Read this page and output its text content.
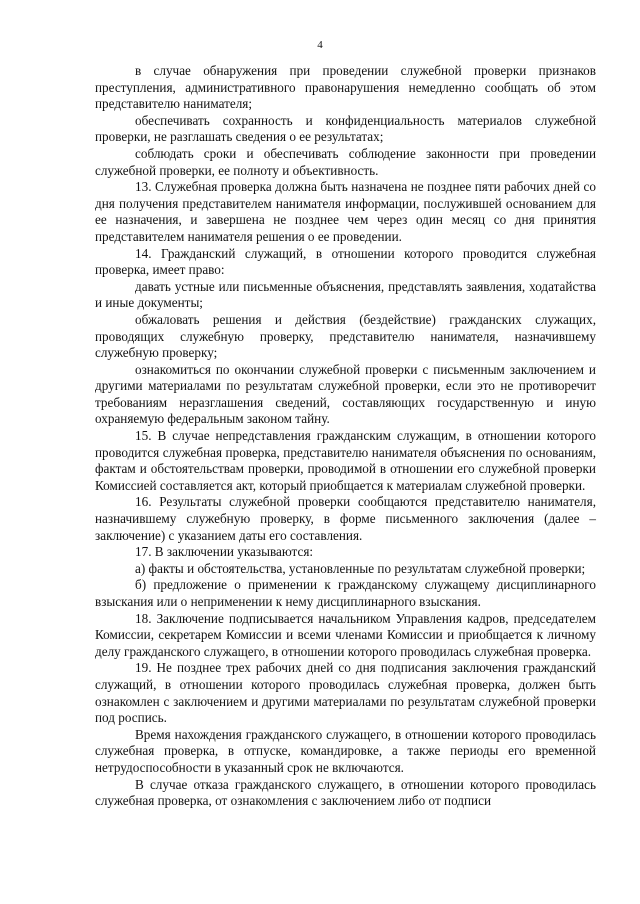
4

в случае обнаружения при проведении служебной проверки признаков преступления, административного правонарушения немедленно сообщать об этом представителю нанимателя;

обеспечивать сохранность и конфиденциальность материалов служебной проверки, не разглашать сведения о ее результатах;

соблюдать сроки и обеспечивать соблюдение законности при проведении служебной проверки, ее полноту и объективность.

13. Служебная проверка должна быть назначена не позднее пяти рабочих дней со дня получения представителем нанимателя информации, послужившей основанием для ее назначения, и завершена не позднее чем через один месяц со дня принятия представителем нанимателя решения о ее проведении.

14. Гражданский служащий, в отношении которого проводится служебная проверка, имеет право:

давать устные или письменные объяснения, представлять заявления, ходатайства и иные документы;

обжаловать решения и действия (бездействие) гражданских служащих, проводящих служебную проверку, представителю нанимателя, назначившему служебную проверку;

ознакомиться по окончании служебной проверки с письменным заключением и другими материалами по результатам служебной проверки, если это не противоречит требованиям неразглашения сведений, составляющих государственную и иную охраняемую федеральным законом тайну.

15. В случае непредставления гражданским служащим, в отношении которого проводится служебная проверка, представителю нанимателя объяснения по основаниям, фактам и обстоятельствам проверки, проводимой в отношении его служебной проверки Комиссией составляется акт, который приобщается к материалам служебной проверки.

16. Результаты служебной проверки сообщаются представителю нанимателя, назначившему служебную проверку, в форме письменного заключения (далее – заключение) с указанием даты его составления.

17. В заключении указываются:

а) факты и обстоятельства, установленные по результатам служебной проверки;

б) предложение о применении к гражданскому служащему дисциплинарного взыскания или о неприменении к нему дисциплинарного взыскания.

18. Заключение подписывается начальником Управления кадров, председателем Комиссии, секретарем Комиссии и всеми членами Комиссии и приобщается к личному делу гражданского служащего, в отношении которого проводилась служебная проверка.

19. Не позднее трех рабочих дней со дня подписания заключения гражданский служащий, в отношении которого проводилась служебная проверка, должен быть ознакомлен с заключением и другими материалами по результатам служебной проверки под роспись.

Время нахождения гражданского служащего, в отношении которого проводилась служебная проверка, в отпуске, командировке, а также периоды его временной нетрудоспособности в указанный срок не включаются.

В случае отказа гражданского служащего, в отношении которого проводилась служебная проверка, от ознакомления с заключением либо от подписи
